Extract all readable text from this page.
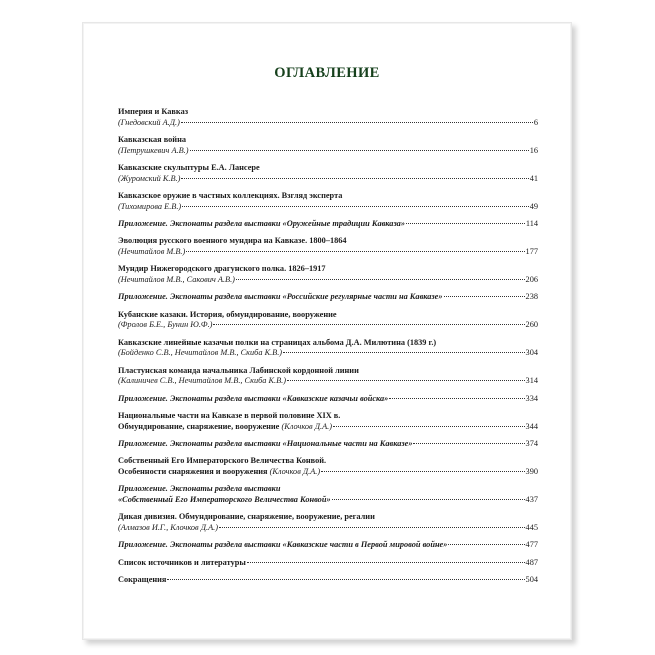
ОГЛАВЛЕНИЕ
Империя и Кавказ
(Гнедовский А.Д.)	6
Кавказская война
(Петрушкевич А.В.)	16
Кавказские скульптуры Е.А. Лансере
(Журомский К.В.)	41
Кавказское оружие в частных коллекциях. Взгляд эксперта
(Тихомирова Е.В.)	49
Приложение. Экспонаты раздела выставки «Оружейные традиции Кавказа»	114
Эволюция русского военного мундира на Кавказе. 1800–1864
(Нечитайлов М.В.)	177
Мундир Нижегородского драгунского полка. 1826–1917
(Нечитайлов М.В., Сакович А.В.)	206
Приложение. Экспонаты раздела выставки «Российские регулярные части на Кавказе»	238
Кубанские казаки. История, обмундирование, вооружение
(Фролов Б.Е., Бунин Ю.Ф.)	260
Кавказские линейные казачьи полки на страницах альбома Д.А. Милютина (1839 г.)
(Бойденко С.В., Нечитайлов М.В., Скиба К.В.)	304
Пластунская команда начальника Лабинской кордонной линии
(Калиничев С.В., Нечитайлов М.В., Скиба К.В.)	314
Приложение. Экспонаты раздела выставки «Кавказские казачьи войска»	334
Национальные части на Кавказе в первой половине XIX в.
Обмундирование, снаряжение, вооружение
(Клочков Д.А.)	344
Приложение. Экспонаты раздела выставки «Национальные части на Кавказе»	374
Собственный Его Императорского Величества Конвой.
Особенности снаряжения и вооружения
(Клочков Д.А.)	390
Приложение. Экспонаты раздела выставки
«Собственный Его Императорского Величества Конвой»	437
Дикая дивизия. Обмундирование, снаряжение, вооружение, регалии
(Алмазов И.Г., Клочков Д.А.)	445
Приложение. Экспонаты раздела выставки «Кавказские части в Первой мировой войне»	477
Список источников и литературы	487
Сокращения	504
